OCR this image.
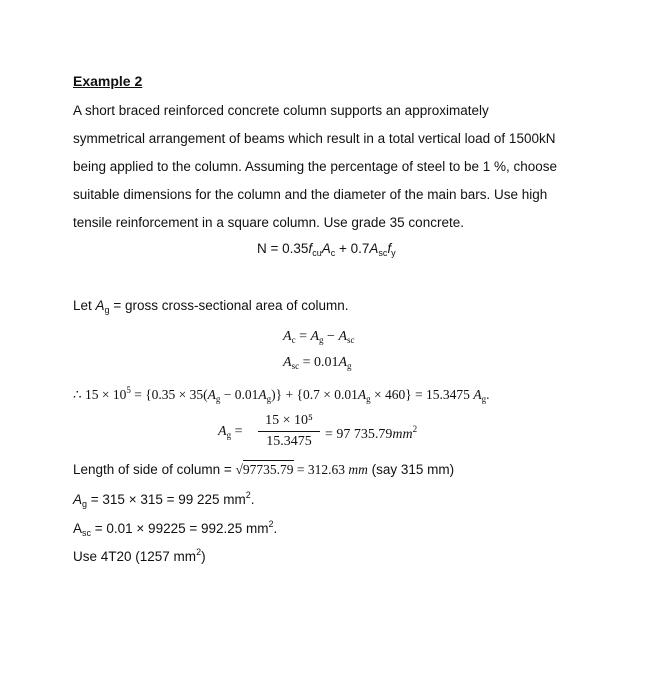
Example 2
A short braced reinforced concrete column supports an approximately
symmetrical arrangement of beams which result in a total vertical load of 1500kN
being applied to the column. Assuming the percentage of steel to be 1 %, choose
suitable dimensions for the column and the diameter of the main bars. Use high
tensile reinforcement in a square column. Use grade 35 concrete.
$N = 0.35f_{cu}A_c + 0.7A_{sc}f_y$
Let $A_g$ = gross cross-sectional area of column.
$A_c = A_g - A_{sc}$
$A_{sc} = 0.01A_g$
∴ $15 \times 10^5 = \{0.35 \times 35(A_g - 0.01A_g)\} + \{0.7 \times 0.01A_g \times 460\} = 15.3475$ $A_g$.
$A_g$ =
15 × 10⁵
15.3475 = 97 $735.79mm^2$
Length of side of column = √97735.79 = 312.63 mm (say 315 mm)
$A_g = 315 \times 315 = 99$ 225 $mm^2$.
$A_{sc} = 0.01 \times 99225 = 992.25$ $mm^2$.
Use 4T20 (1257 $mm^2$)
